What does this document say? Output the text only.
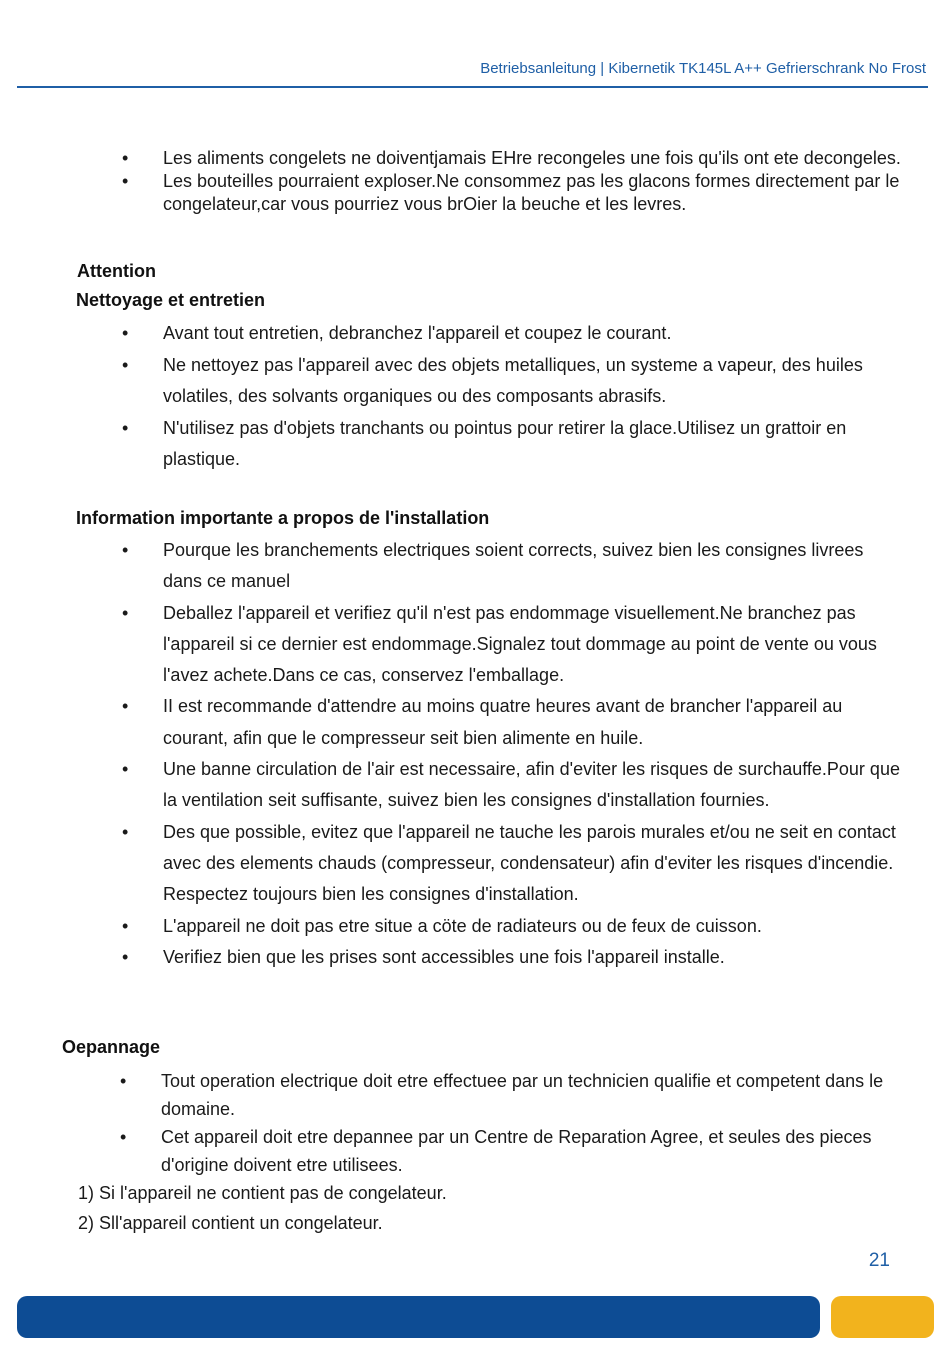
Betriebsanleitung | Kibernetik TK145L A++ Gefrierschrank No Frost
• Les aliments congelets ne doiventjamais EHre recongeles une fois qu'ils ont ete decongeles.
• Les bouteilles pourraient exploser.Ne consommez pas les glacons formes directement par le congelateur,car vous pourriez vous brOier la beuche et les levres.
Attention
Nettoyage et entretien
• Avant tout entretien, debranchez l'appareil et coupez le courant.
• Ne nettoyez pas l'appareil avec des objets metalliques, un systeme a vapeur, des huiles volatiles, des solvants organiques ou des composants abrasifs.
• N'utilisez pas d'objets tranchants ou pointus pour retirer la glace.Utilisez un grattoir en plastique.
Information importante a propos de l'installation
• Pourque les branchements electriques soient corrects, suivez bien les consignes livrees dans ce manuel
• Deballez l'appareil et verifiez qu'il n'est pas endommage visuellement.Ne branchez pas l'appareil si ce dernier est endommage.Signalez tout dommage au point de vente ou vous l'avez achete.Dans ce cas, conservez l'emballage.
• II est recommande d'attendre au moins quatre heures avant de brancher l'appareil au courant, afin que le compresseur seit bien alimente en huile.
• Une banne circulation de l'air est necessaire, afin d'eviter les risques de surchauffe.Pour que la ventilation seit suffisante, suivez bien les consignes d'installation fournies.
• Des que possible, evitez que l'appareil ne tauche les parois murales et/ou ne seit en contact avec des elements chauds (compresseur, condensateur) afin d'eviter les risques d'incendie. Respectez toujours bien les consignes d'installation.
• L'appareil ne doit pas etre situe a cöte de radiateurs ou de feux de cuisson.
• Verifiez bien que les prises sont accessibles une fois l'appareil installe.
Oepannage
• Tout operation electrique doit etre effectuee par un technicien qualifie et competent dans le domaine.
• Cet appareil doit etre depannee par un Centre de Reparation Agree, et seules des pieces d'origine doivent etre utilisees.
1) Si l'appareil ne contient pas de congelateur.
2) Sll'appareil contient un congelateur.
21
